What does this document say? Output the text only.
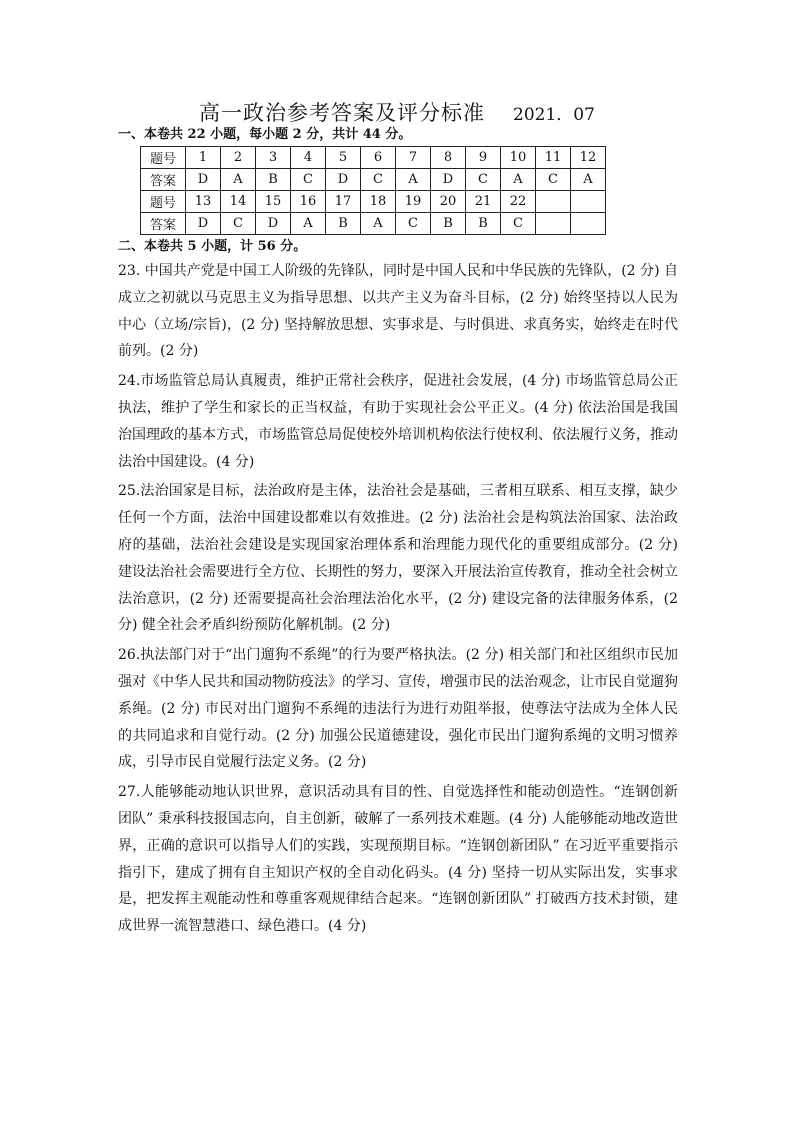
高一政治参考答案及评分标准 2021．07
一、本卷共 22 小题，每小题 2 分，共计 44 分。
题号	1	2	3	4	5	6	7	8	9	10	11	12
答案	D	A	B	C	D	C	A	D	C	A	C	A
题号	13	14	15	16	17	18	19	20	21	22		
答案	D	C	D	A	B	A	C	B	B	C		
二、本卷共 5 小题，计 56 分。

23. 中国共产党是中国工人阶级的先锋队，同时是中国人民和中华民族的先锋队，(2 分) 自成立之初就以马克思主义为指导思想、以共产主义为奋斗目标，(2 分) 始终坚持以人民为中心（立场/宗旨)，(2 分) 坚持解放思想、实事求是、与时俱进、求真务实，始终走在时代前列。(2 分)

24.市场监管总局认真履责，维护正常社会秩序，促进社会发展，(4 分) 市场监管总局公正执法，维护了学生和家长的正当权益，有助于实现社会公平正义。(4 分) 依法治国是我国治国理政的基本方式，市场监管总局促使校外培训机构依法行使权利、依法履行义务，推动法治中国建设。(4 分)

25.法治国家是目标，法治政府是主体，法治社会是基础，三者相互联系、相互支撑，缺少任何一个方面，法治中国建设都难以有效推进。(2 分) 法治社会是构筑法治国家、法治政府的基础，法治社会建设是实现国家治理体系和治理能力现代化的重要组成部分。(2 分) 建设法治社会需要进行全方位、长期性的努力，要深入开展法治宣传教育，推动全社会树立法治意识，(2 分) 还需要提高社会治理法治化水平，(2 分) 建设完备的法律服务体系，(2 分) 健全社会矛盾纠纷预防化解机制。(2 分)

26.执法部门对于“出门遛狗不系绳”的行为要严格执法。(2 分) 相关部门和社区组织市民加强对《中华人民共和国动物防疫法》的学习、宣传，增强市民的法治观念，让市民自觉遛狗系绳。(2 分) 市民对出门遛狗不系绳的违法行为进行劝阻举报，使尊法守法成为全体人民的共同追求和自觉行动。(2 分) 加强公民道德建设，强化市民出门遛狗系绳的文明习惯养成，引导市民自觉履行法定义务。(2 分)

27.人能够能动地认识世界，意识活动具有目的性、自觉选择性和能动创造性。“连钢创新团队” 秉承科技报国志向，自主创新，破解了一系列技术难题。(4 分) 人能够能动地改造世界，正确的意识可以指导人们的实践，实现预期目标。“连钢创新团队” 在习近平重要指示指引下，建成了拥有自主知识产权的全自动化码头。(4 分) 坚持一切从实际出发，实事求是，把发挥主观能动性和尊重客观规律结合起来。“连钢创新团队” 打破西方技术封锁，建成世界一流智慧港口、绿色港口。(4 分)
